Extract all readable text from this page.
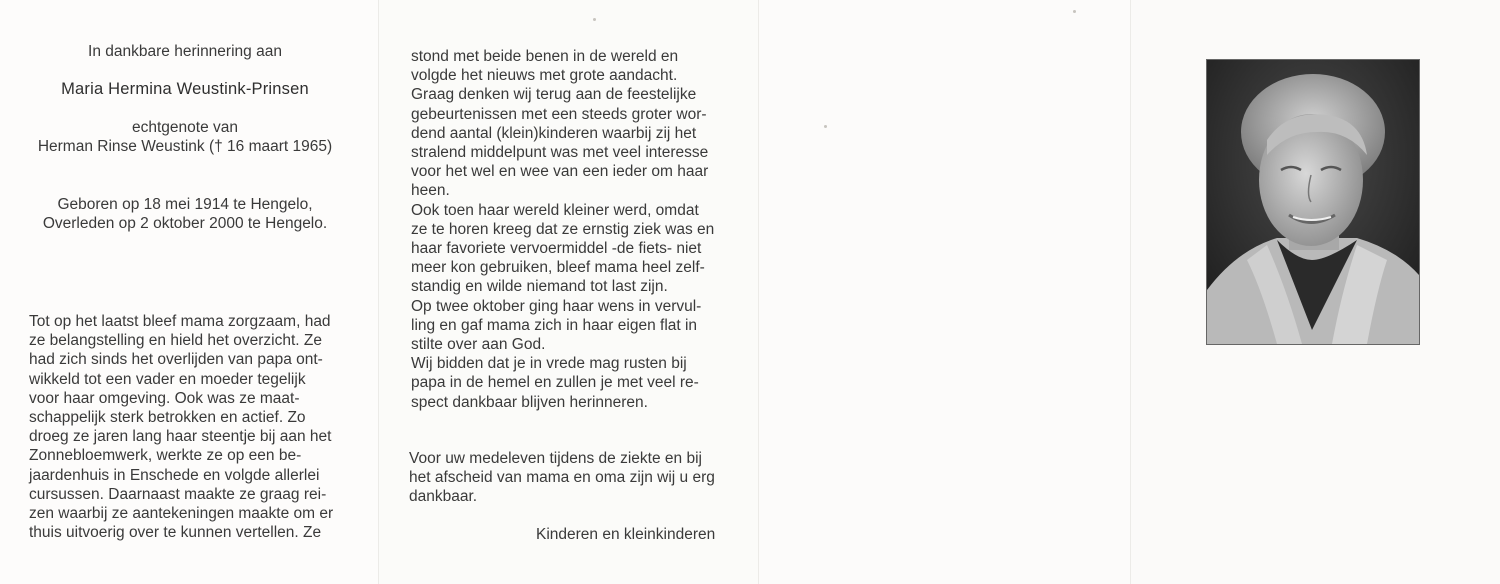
In dankbare herinnering aan
Maria Hermina Weustink-Prinsen
echtgenote van
Herman Rinse Weustink († 16 maart 1965)
Geboren op 18 mei 1914 te Hengelo,
Overleden op 2 oktober 2000 te Hengelo.

Tot op het laatst bleef mama zorgzaam, had

ze belangstelling en hield het overzicht. Ze

had zich sinds het overlijden van papa ont-

wikkeld tot een vader en moeder tegelijk

voor haar omgeving. Ook was ze maat-

schappelijk sterk betrokken en actief. Zo

droeg ze jaren lang haar steentje bij aan het

Zonnebloemwerk, werkte ze op een be-

jaardenhuis in Enschede en volgde allerlei

cursussen. Daarnaast maakte ze graag rei-

zen waarbij ze aantekeningen maakte om er

thuis uitvoerig over te kunnen vertellen. Ze

stond met beide benen in de wereld en

volgde het nieuws met grote aandacht.

Graag denken wij terug aan de feestelijke

gebeurtenissen met een steeds groter wor-

dend aantal (klein)kinderen waarbij zij het

stralend middelpunt was met veel interesse

voor het wel en wee van een ieder om haar

heen.

Ook toen haar wereld kleiner werd, omdat

ze te horen kreeg dat ze ernstig ziek was en

haar favoriete vervoermiddel -de fiets- niet

meer kon gebruiken, bleef mama heel zelf-

standig en wilde niemand tot last zijn.

Op twee oktober ging haar wens in vervul-

ling en gaf mama zich in haar eigen flat in

stilte over aan God.

Wij bidden dat je in vrede mag rusten bij

papa in de hemel en zullen je met veel re-

spect dankbaar blijven herinneren.

Voor uw medeleven tijdens de ziekte en bij

het afscheid van mama en oma zijn wij u erg

dankbaar.

Kinderen en kleinkinderen
